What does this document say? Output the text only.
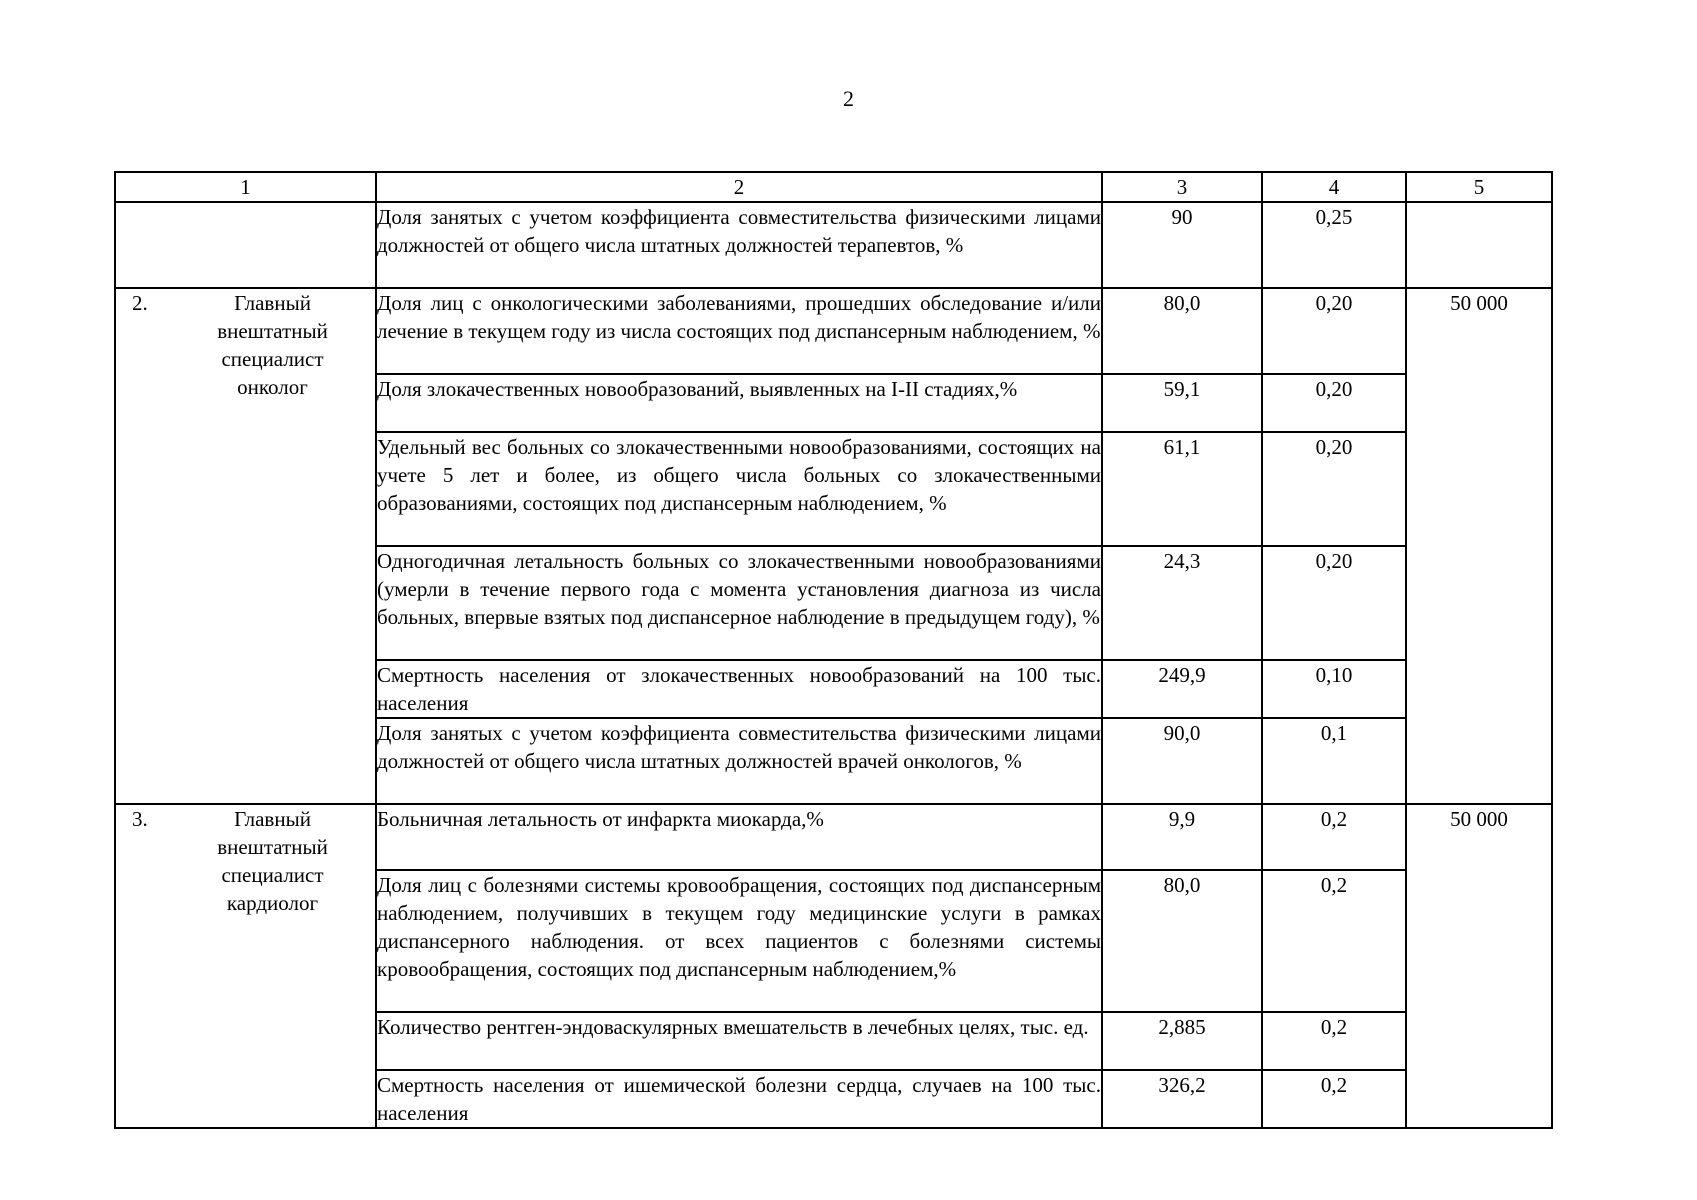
2
1	2	3	4	5
	Доля занятых с учетом коэффициента совместительства физическими лицами должностей от общего числа штатных должностей терапевтов, %	90	0,25	

2. Главный внештатный специалист онколог	Доля лиц с онкологическими заболеваниями, прошедших обследование и/или лечение в текущем году из числа состоящих под диспансерным наблюдением, %	80,0	0,20	50 000
	Доля злокачественных новообразований, выявленных на I-II стадиях,%	59,1	0,20	
	Удельный вес больных со злокачественными новообразованиями, состоящих на учете 5 лет и более, из общего числа больных со злокачественными образованиями, состоящих под диспансерным наблюдением, %	61,1	0,20	
	Одногодичная летальность больных со злокачественными новообразованиями (умерли в течение первого года с момента установления диагноза из числа больных, впервые взятых под диспансерное наблюдение в предыдущем году), %	24,3	0,20	
	Смертность населения от злокачественных новообразований на 100 тыс. населения	249,9	0,10	
	Доля занятых с учетом коэффициента совместительства физическими лицами должностей от общего числа штатных должностей врачей онкологов, %	90,0	0,1	

3. Главный внештатный специалист кардиолог	Больничная летальность от инфаркта миокарда,%	9,9	0,2	50 000
	Доля лиц с болезнями системы кровообращения, состоящих под диспансерным наблюдением, получивших в текущем году медицинские услуги в рамках диспансерного наблюдения. от всех пациентов с болезнями системы кровообращения, состоящих под диспансерным наблюдением,%	80,0	0,2	
	Количество рентген-эндоваскулярных вмешательств в лечебных целях, тыс. ед.	2,885	0,2	
	Смертность населения от ишемической болезни сердца, случаев на 100 тыс. населения	326,2	0,2	
